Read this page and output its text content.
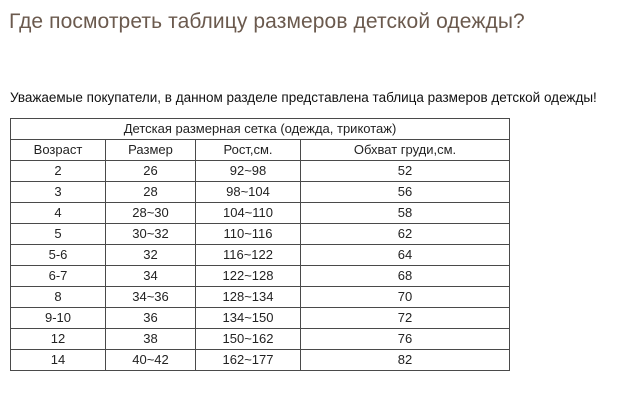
Где посмотреть таблицу размеров детской одежды?

Уважаемые покупатели, в данном разделе представлена таблица размеров детской одежды!

Детская размерная сетка (одежда, трикотаж)			
Возраст	Размер	Рост,см.	Обхват груди,см.
2	26	92~98	52
3	28	98~104	56
4	28~30	104~110	58
5	30~32	110~116	62
5-6	32	116~122	64
6-7	34	122~128	68
8	34~36	128~134	70
9-10	36	134~150	72
12	38	150~162	76
14	40~42	162~177	82
